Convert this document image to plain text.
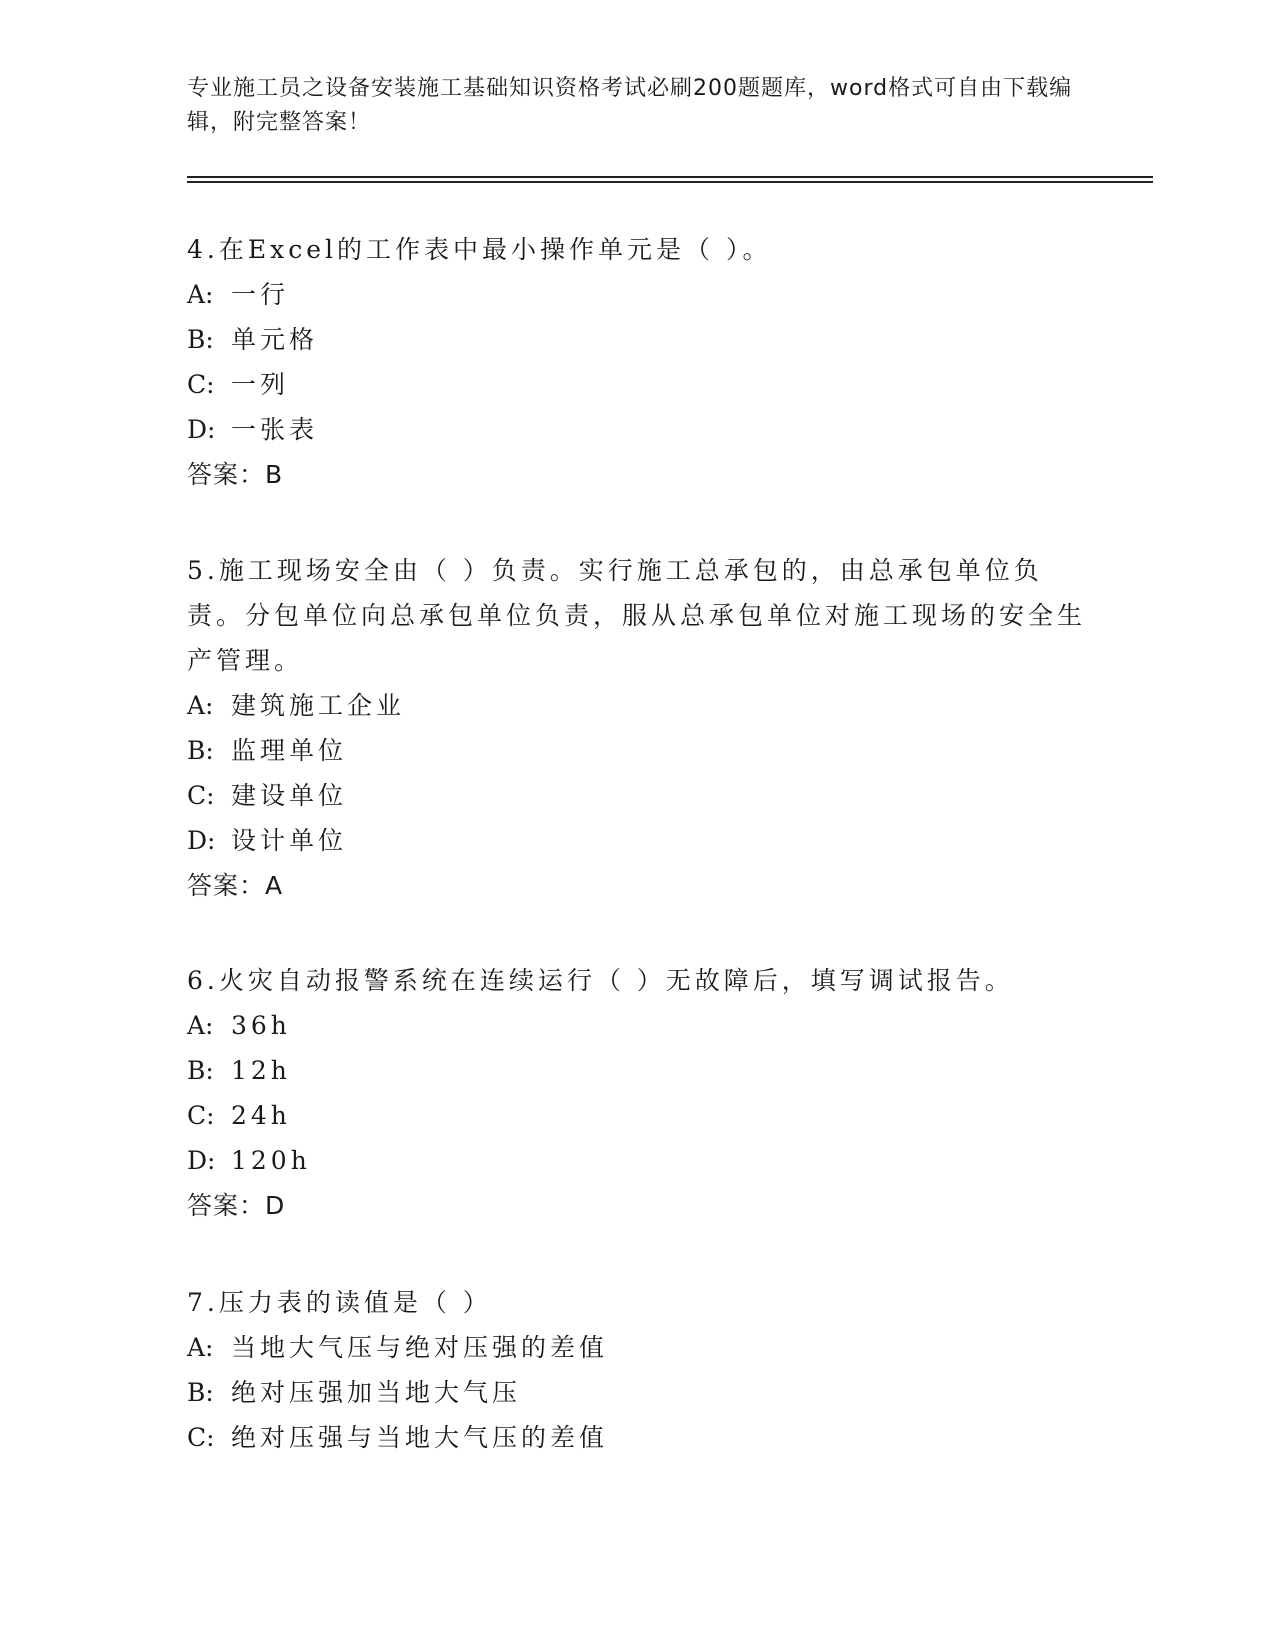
专业施工员之设备安装施工基础知识资格考试必刷200题题库，word格式可自由下载编辑，附完整答案！

4.在Excel的工作表中最小操作单元是（ ）。

A: 一行

B: 单元格

C: 一列

D: 一张表

答案：B

5.施工现场安全由（ ）负责。实行施工总承包的，由总承包单位负责。分包单位向总承包单位负责，服从总承包单位对施工现场的安全生产管理。

A: 建筑施工企业

B: 监理单位

C: 建设单位

D: 设计单位

答案：A

6.火灾自动报警系统在连续运行（ ）无故障后，填写调试报告。

A: 36h

B: 12h

C: 24h

D: 120h

答案：D

7.压力表的读值是（ ）

A: 当地大气压与绝对压强的差值

B: 绝对压强加当地大气压

C: 绝对压强与当地大气压的差值
